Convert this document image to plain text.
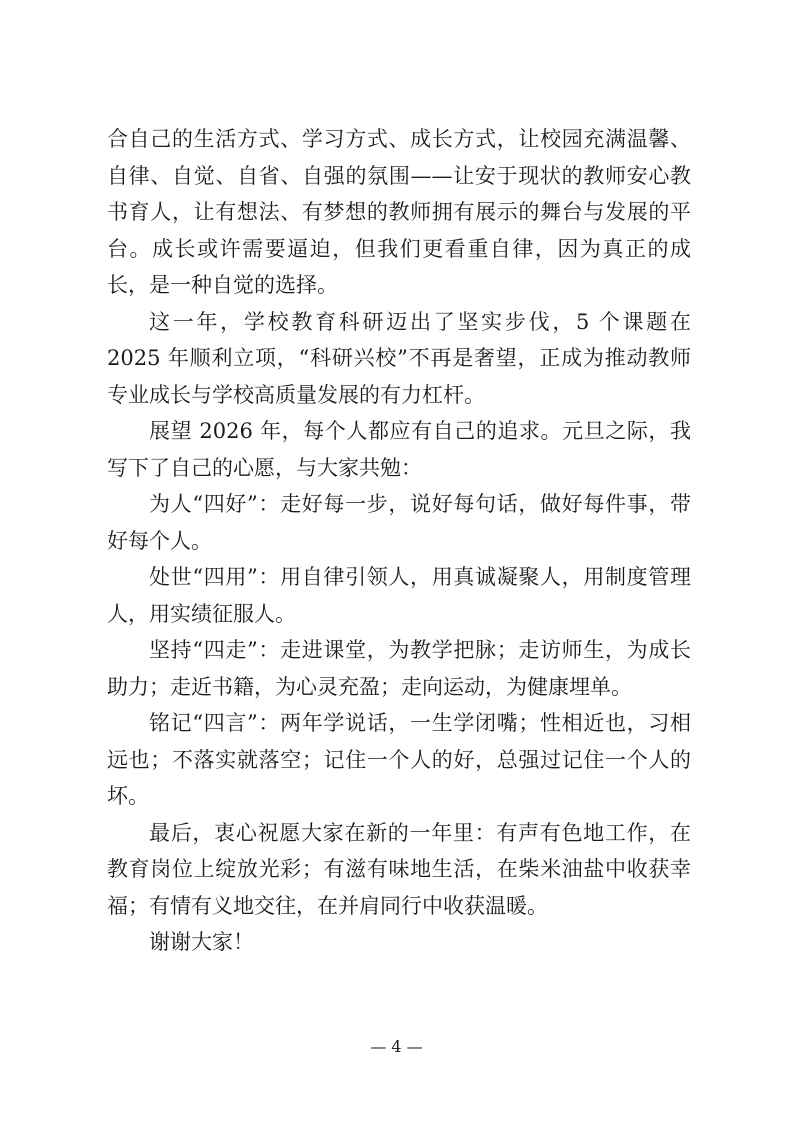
合自己的生活方式、学习方式、成长方式，让校园充满温馨、自律、自觉、自省、自强的氛围——让安于现状的教师安心教书育人，让有想法、有梦想的教师拥有展示的舞台与发展的平台。成长或许需要逼迫，但我们更看重自律，因为真正的成长，是一种自觉的选择。

这一年，学校教育科研迈出了坚实步伐，5 个课题在 2025 年顺利立项，“科研兴校”不再是奢望，正成为推动教师专业成长与学校高质量发展的有力杠杆。

展望 2026 年，每个人都应有自己的追求。元旦之际，我写下了自己的心愿，与大家共勉：

为人“四好”：走好每一步，说好每句话，做好每件事，带好每个人。

处世“四用”：用自律引领人，用真诚凝聚人，用制度管理人，用实绩征服人。

坚持“四走”：走进课堂，为教学把脉；走访师生，为成长助力；走近书籍，为心灵充盈；走向运动，为健康埋单。

铭记“四言”：两年学说话，一生学闭嘴；性相近也，习相远也；不落实就落空；记住一个人的好，总强过记住一个人的坏。

最后，衷心祝愿大家在新的一年里：有声有色地工作，在教育岗位上绽放光彩；有滋有味地生活，在柴米油盐中收获幸福；有情有义地交往，在并肩同行中收获温暖。

谢谢大家！

— 4 —
